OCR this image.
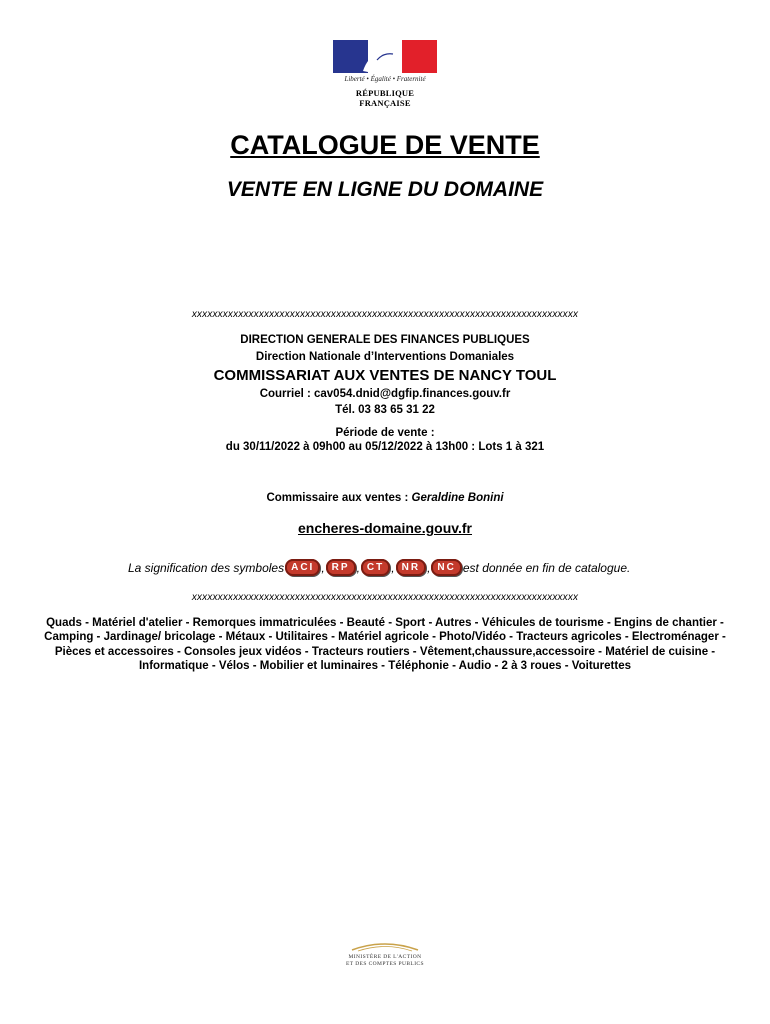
Liberté • Égalité • Fraternité
RÉPUBLIQUE FRANÇAISE
CATALOGUE DE VENTE
VENTE EN LIGNE DU DOMAINE
xxxxxxxxxxxxxxxxxxxxxxxxxxxxxxxxxxxxxxxxxxxxxxxxxxxxxxxxxxxxxxxxxxxxxxxxxxx
DIRECTION GENERALE DES FINANCES PUBLIQUES
Direction Nationale d’Interventions Domaniales
COMMISSARIAT AUX VENTES DE NANCY TOUL
Courriel : cav054.dnid@dgfip.finances.gouv.fr
Tél. 03 83 65 31 22
Période de vente :
du 30/11/2022 à 09h00 au 05/12/2022 à 13h00 : Lots 1 à 321
Commissaire aux ventes : Geraldine Bonini
encheres-domaine.gouv.fr
La signification des symboles ACI , RP , CT , NR , NC est donnée en fin de catalogue.
xxxxxxxxxxxxxxxxxxxxxxxxxxxxxxxxxxxxxxxxxxxxxxxxxxxxxxxxxxxxxxxxxxxxxxxxxxx
Quads - Matériel d'atelier - Remorques immatriculées - Beauté - Sport - Autres - Véhicules de tourisme - Engins de chantier - Camping - Jardinage/ bricolage - Métaux - Utilitaires - Matériel agricole - Photo/Vidéo - Tracteurs agricoles - Electroménager - Pièces et accessoires - Consoles jeux vidéos - Tracteurs routiers - Vêtement,chaussure,accessoire - Matériel de cuisine - Informatique - Vélos - Mobilier et luminaires - Téléphonie - Audio - 2 à 3 roues - Voiturettes
MINISTÈRE DE L'ACTION
ET DES COMPTES PUBLICS
